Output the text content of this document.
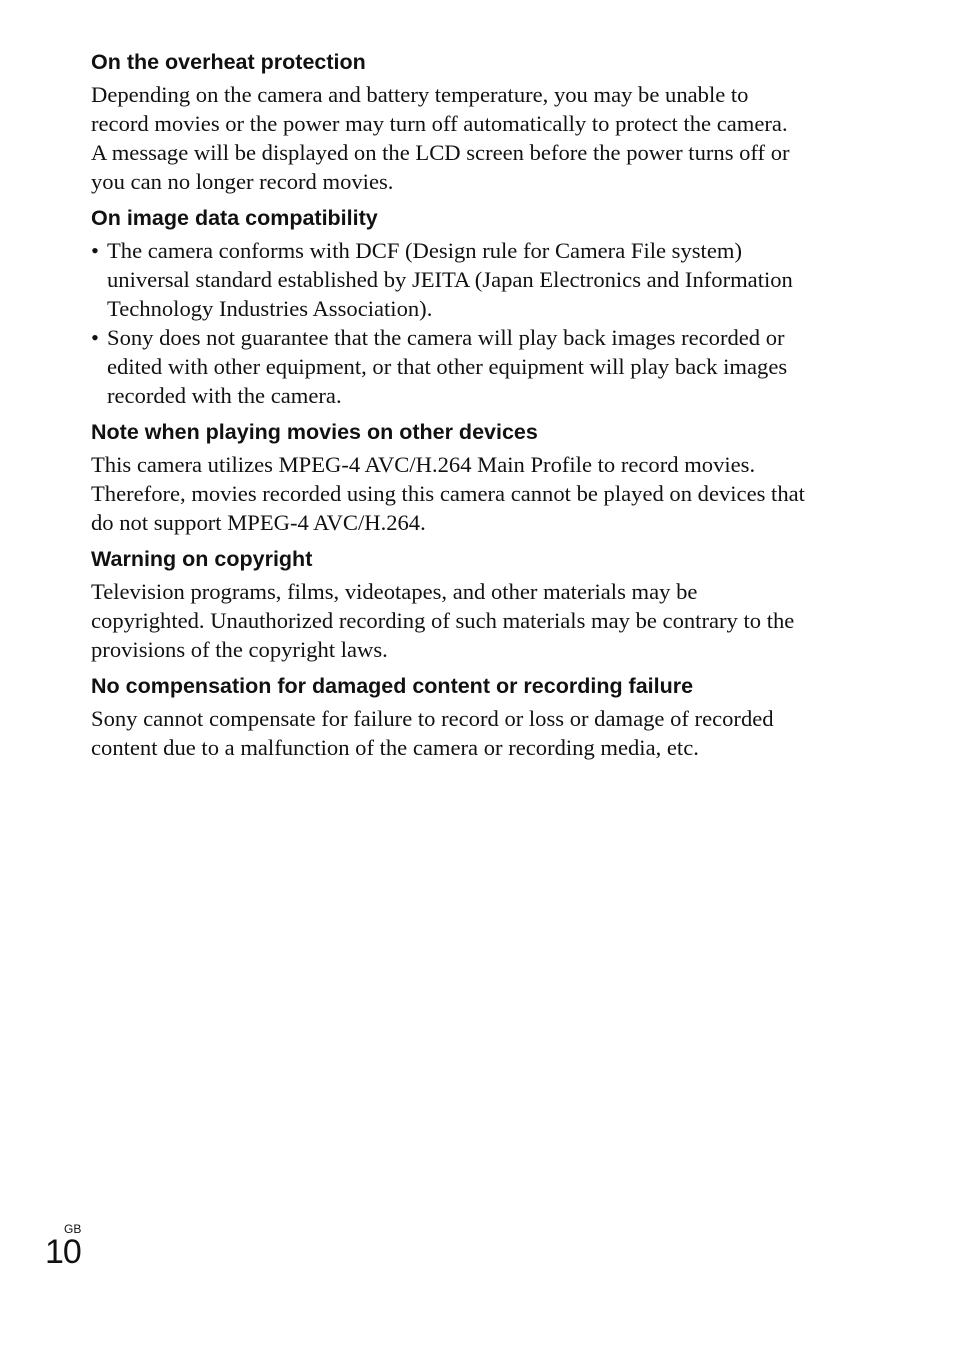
On the overheat protection

Depending on the camera and battery temperature, you may be unable to
record movies or the power may turn off automatically to protect the camera.
A message will be displayed on the LCD screen before the power turns off or
you can no longer record movies.

On image data compatibility
• The camera conforms with DCF (Design rule for Camera File system)
universal standard established by JEITA (Japan Electronics and Information
Technology Industries Association).
• Sony does not guarantee that the camera will play back images recorded or
edited with other equipment, or that other equipment will play back images
recorded with the camera.
Note when playing movies on other devices

This camera utilizes MPEG-4 AVC/H.264 Main Profile to record movies.
Therefore, movies recorded using this camera cannot be played on devices that
do not support MPEG-4 AVC/H.264.

Warning on copyright

Television programs, films, videotapes, and other materials may be
copyrighted. Unauthorized recording of such materials may be contrary to the
provisions of the copyright laws.

No compensation for damaged content or recording failure

Sony cannot compensate for failure to record or loss or damage of recorded
content due to a malfunction of the camera or recording media, etc.

GB
10
